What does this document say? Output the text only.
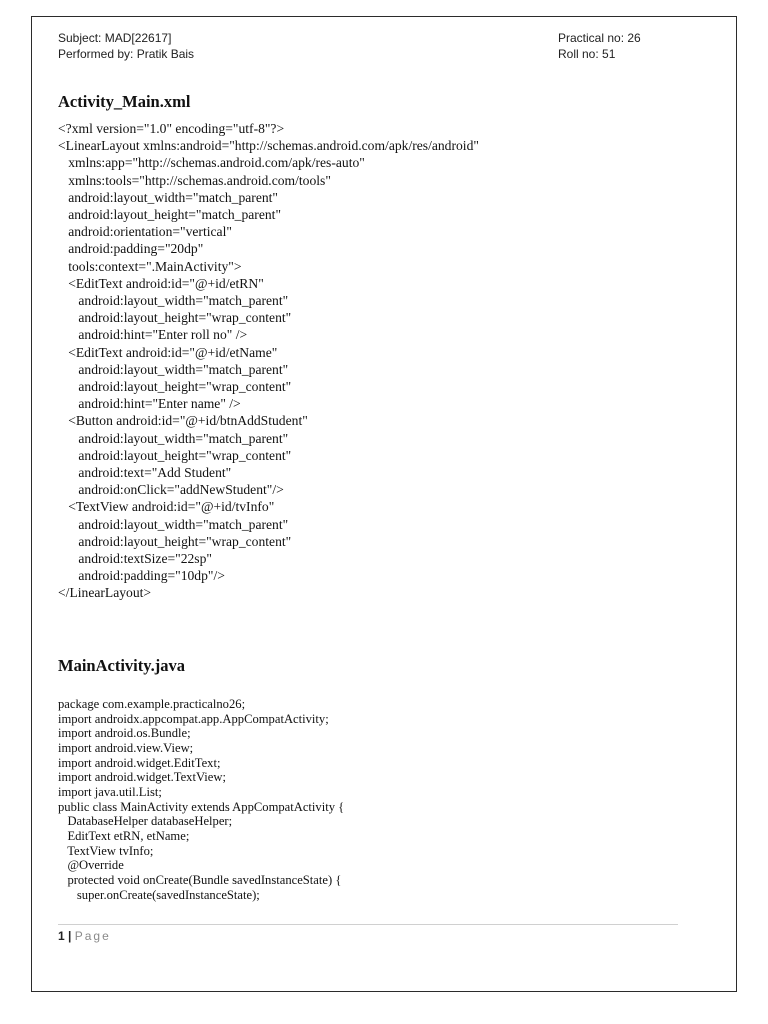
Subject: MAD[22617]
Performed by: Pratik Bais
Practical no: 26
Roll no: 51
Activity_Main.xml
<?xml version="1.0" encoding="utf-8"?>
<LinearLayout xmlns:android="http://schemas.android.com/apk/res/android"
xmlns:app="http://schemas.android.com/apk/res-auto"
xmlns:tools="http://schemas.android.com/tools"
android:layout_width="match_parent"
android:layout_height="match_parent"
android:orientation="vertical"
android:padding="20dp"
tools:context=".MainActivity">
<EditText android:id="@+id/etRN"
android:layout_width="match_parent"
android:layout_height="wrap_content"
android:hint="Enter roll no" />
<EditText android:id="@+id/etName"
android:layout_width="match_parent"
android:layout_height="wrap_content"
android:hint="Enter name" />
<Button android:id="@+id/btnAddStudent"
android:layout_width="match_parent"
android:layout_height="wrap_content"
android:text="Add Student"
android:onClick="addNewStudent"/>
<TextView android:id="@+id/tvInfo"
android:layout_width="match_parent"
android:layout_height="wrap_content"
android:textSize="22sp"
android:padding="10dp"/>
</LinearLayout>
MainActivity.java
package com.example.practicalno26;
import androidx.appcompat.app.AppCompatActivity;
import android.os.Bundle;
import android.view.View;
import android.widget.EditText;
import android.widget.TextView;
import java.util.List;
public class MainActivity extends AppCompatActivity {
DatabaseHelper databaseHelper;
EditText etRN, etName;
TextView tvInfo;
@Override
protected void onCreate(Bundle savedInstanceState) {
super.onCreate(savedInstanceState);
1 | Page
